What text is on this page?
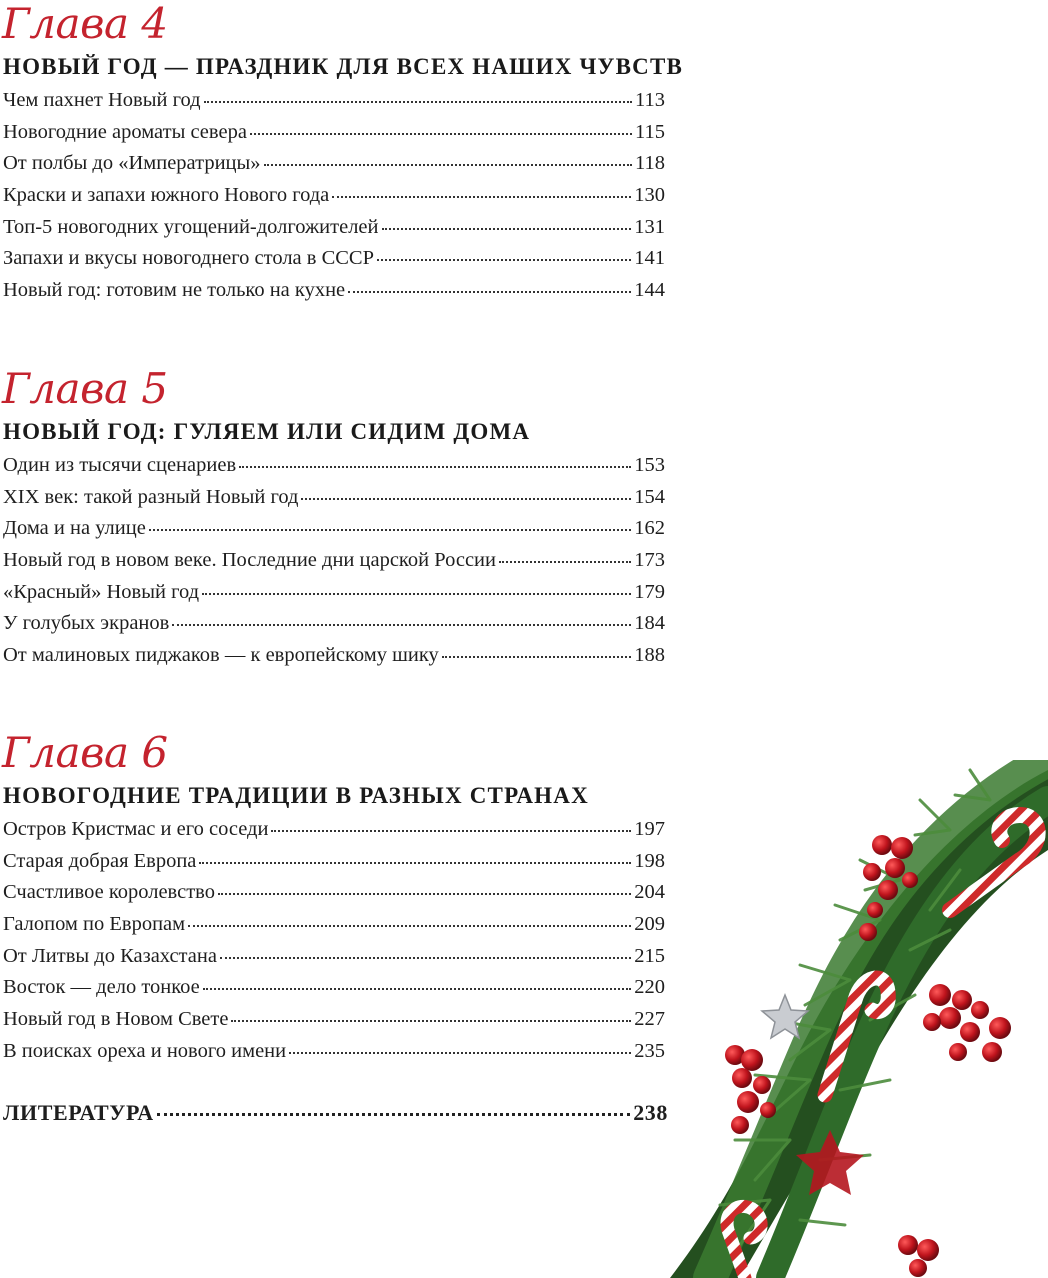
Глава 4
НОВЫЙ ГОД — ПРАЗДНИК ДЛЯ ВСЕХ НАШИХ ЧУВСТВ
Чем пахнет Новый год	113
Новогодние ароматы севера	115
От полбы до «Императрицы»	118
Краски и запахи южного Нового года	130
Топ-5 новогодних угощений-долгожителей	131
Запахи и вкусы новогоднего стола в СССР	141
Новый год: готовим не только на кухне	144
Глава 5
НОВЫЙ ГОД: ГУЛЯЕМ ИЛИ СИДИМ ДОМА
Один из тысячи сценариев	153
XIX век: такой разный Новый год	154
Дома и на улице	162
Новый год в новом веке. Последние дни царской России	173
«Красный» Новый год	179
У голубых экранов	184
От малиновых пиджаков — к европейскому шику	188
Глава 6
НОВОГОДНИЕ ТРАДИЦИИ В РАЗНЫХ СТРАНАХ
Остров Кристмас и его соседи	197
Старая добрая Европа	198
Счастливое королевство	204
Галопом по Европам	209
От Литвы до Казахстана	215
Восток — дело тонкое	220
Новый год в Новом Свете	227
В поисках ореха и нового имени	235
ЛИТЕРАТУРА	238
